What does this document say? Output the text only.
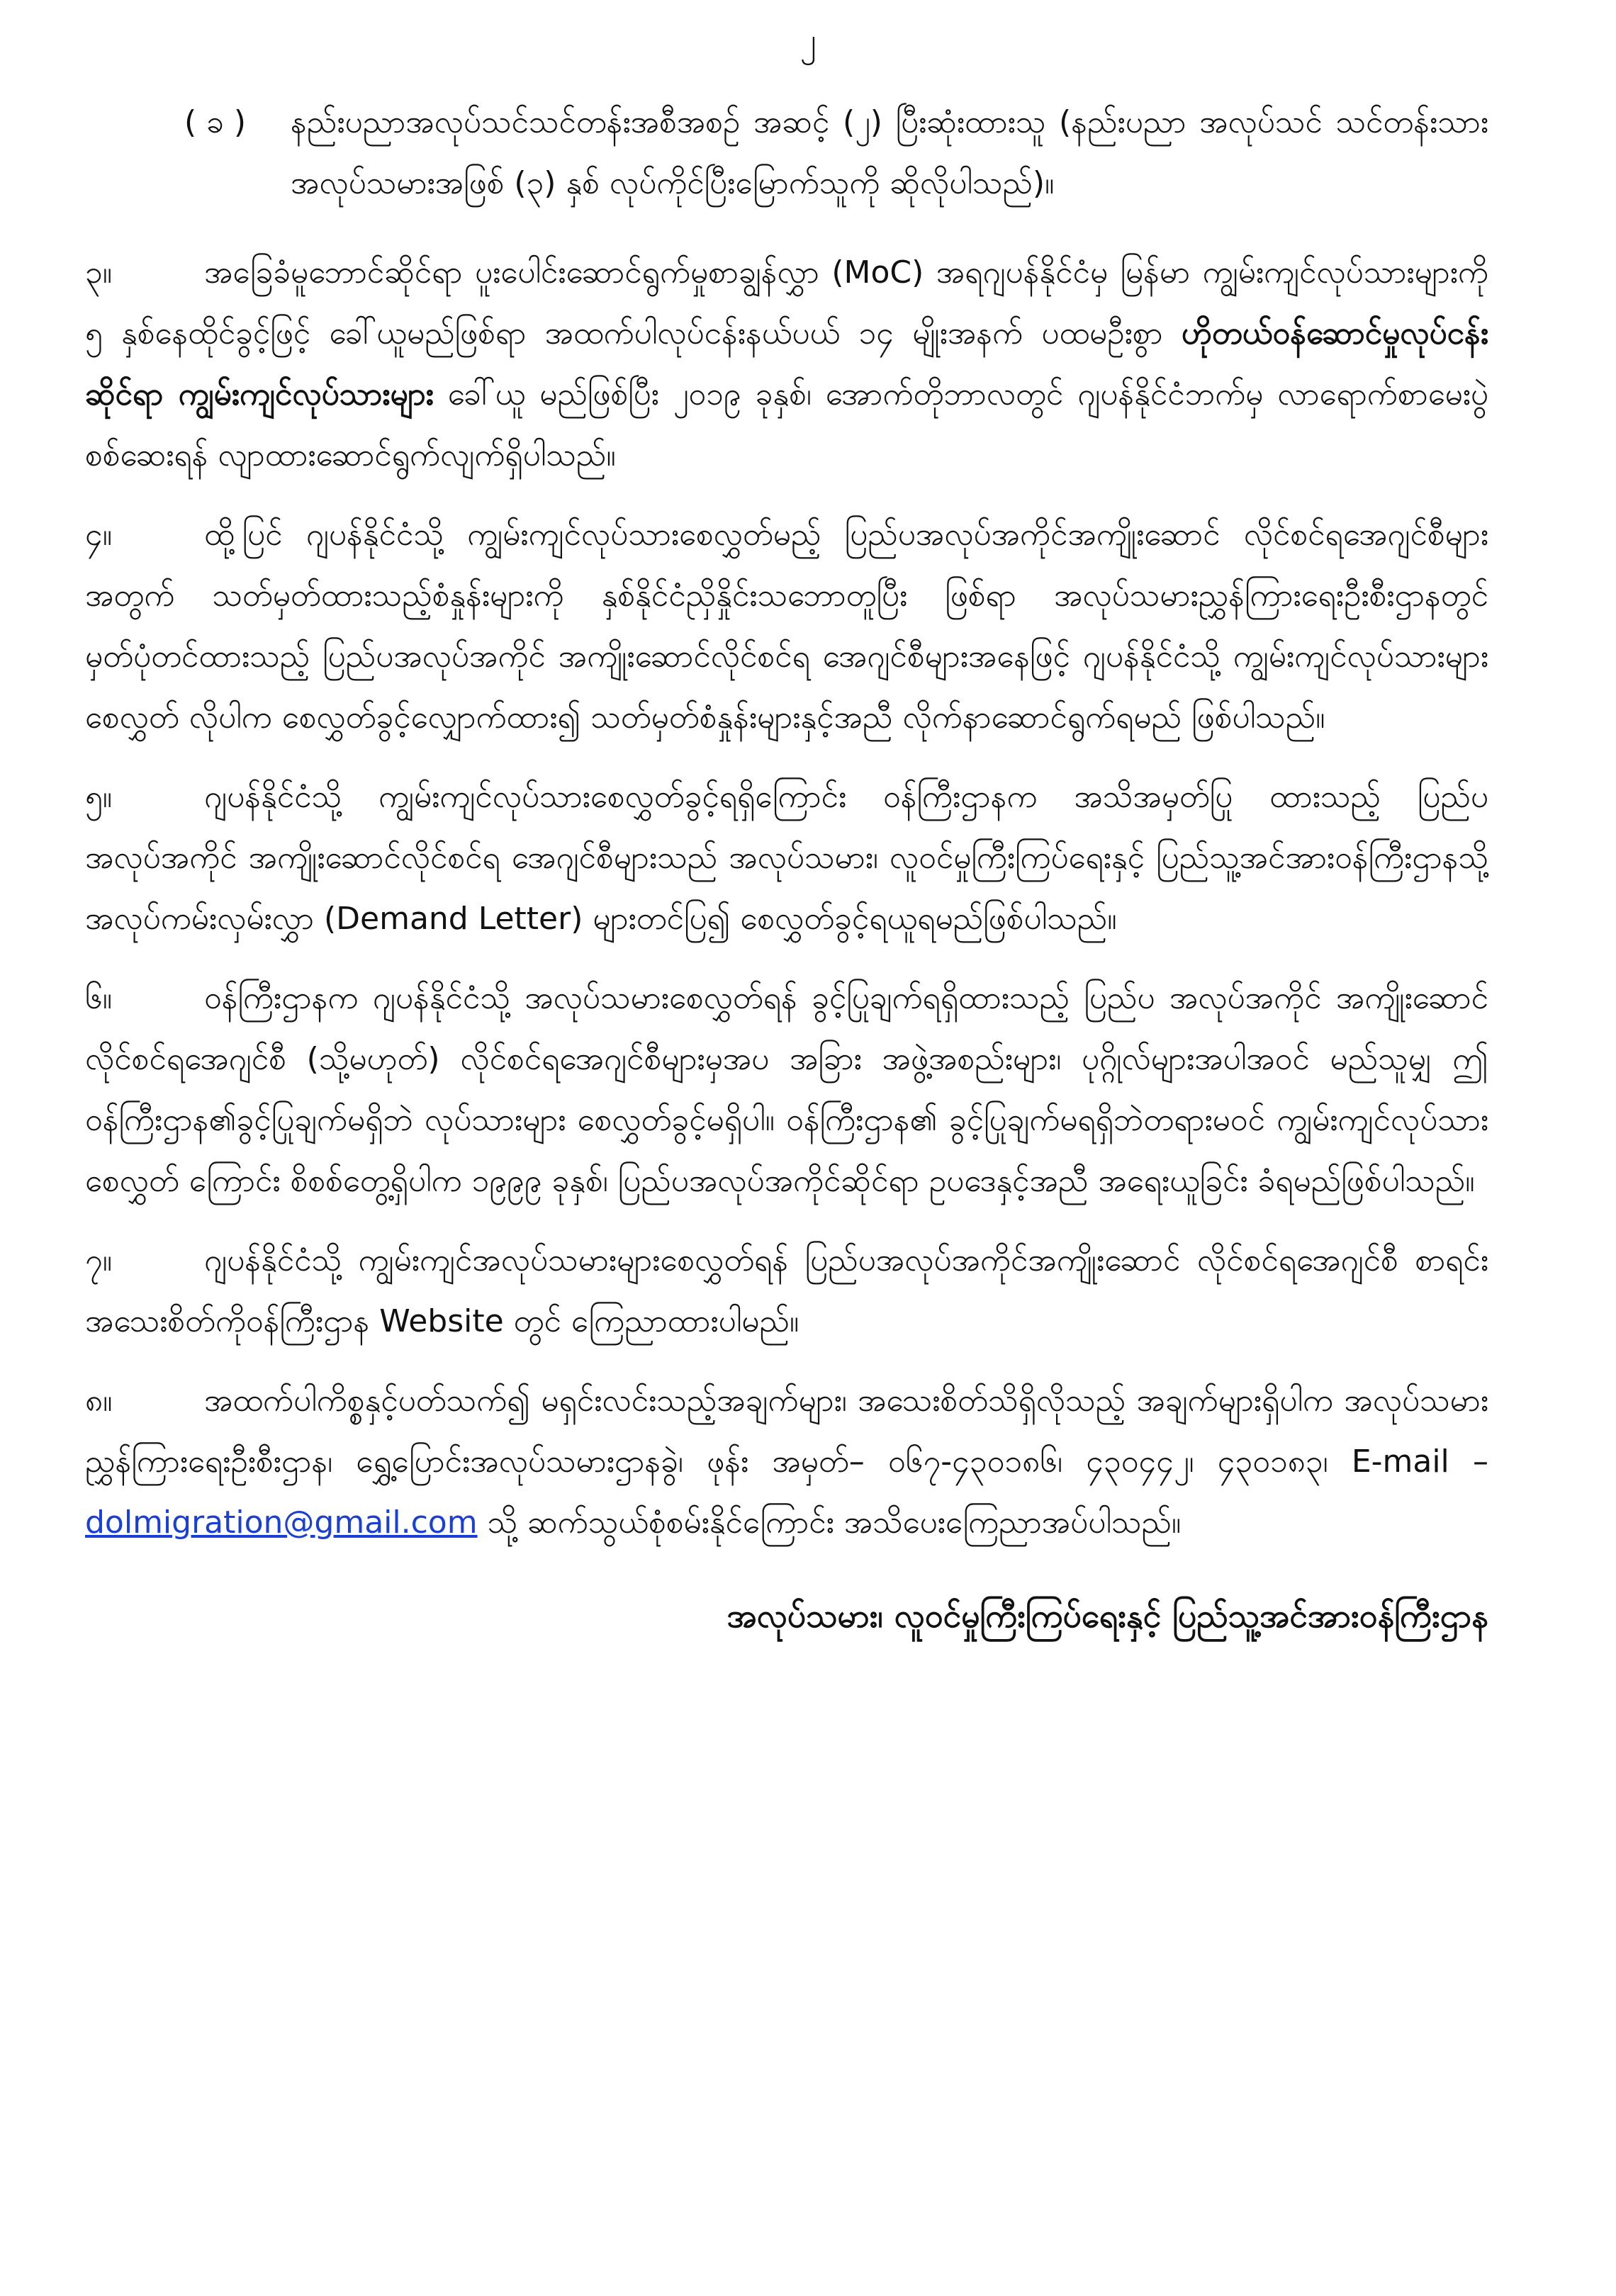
၂
( ခ ) နည်းပညာအလုပ်သင်သင်တန်းအစီအစဉ် အဆင့် (၂) ပြီးဆုံးထားသူ (နည်းပညာ အလုပ်သင် သင်တန်းသားအလုပ်သမားအဖြစ် (၃) နှစ် လုပ်ကိုင်ပြီးမြောက်သူကို ဆိုလိုပါသည်)။

၃။	အခြေခံမူဘောင်ဆိုင်ရာ ပူးပေါင်းဆောင်ရွက်မှုစာချွန်လွှာ (MoC) အရဂျပန်နိုင်ငံမှ မြန်မာ ကျွမ်းကျင်လုပ်သားများကို ၅ နှစ်နေထိုင်ခွင့်ဖြင့် ခေါ်ယူမည်ဖြစ်ရာ အထက်ပါလုပ်ငန်းနယ်ပယ် ၁၄ မျိုးအနက် ပထမဦးစွာ ဟိုတယ်ဝန်ဆောင်မှုလုပ်ငန်းဆိုင်ရာ ကျွမ်းကျင်လုပ်သားများ ခေါ်ယူ မည်ဖြစ်ပြီး ၂၀၁၉ ခုနှစ်၊ အောက်တိုဘာလတွင် ဂျပန်နိုင်ငံဘက်မှ လာရောက်စာမေးပွဲစစ်ဆေးရန် လျာထားဆောင်ရွက်လျက်ရှိပါသည်။

၄။	ထို့ပြင် ဂျပန်နိုင်ငံသို့ ကျွမ်းကျင်လုပ်သားစေလွှတ်မည့် ပြည်ပအလုပ်အကိုင်အကျိုးဆောင် လိုင်စင်ရအေဂျင်စီများအတွက် သတ်မှတ်ထားသည့်စံနှုန်းများကို နှစ်နိုင်ငံညှိနှိုင်းသဘောတူပြီး ဖြစ်ရာ အလုပ်သမားညွှန်ကြားရေးဦးစီးဌာနတွင် မှတ်ပုံတင်ထားသည့် ပြည်ပအလုပ်အကိုင် အကျိုးဆောင်လိုင်စင်ရ အေဂျင်စီများအနေဖြင့် ဂျပန်နိုင်ငံသို့ ကျွမ်းကျင်လုပ်သားများစေလွှတ် လိုပါက စေလွှတ်ခွင့်လျှောက်ထား၍ သတ်မှတ်စံနှုန်းများနှင့်အညီ လိုက်နာဆောင်ရွက်ရမည် ဖြစ်ပါသည်။

၅။	ဂျပန်နိုင်ငံသို့ ကျွမ်းကျင်လုပ်သားစေလွှတ်ခွင့်ရရှိကြောင်း ဝန်ကြီးဌာနက အသိအမှတ်ပြု ထားသည့် ပြည်ပအလုပ်အကိုင် အကျိုးဆောင်လိုင်စင်ရ အေဂျင်စီများသည် အလုပ်သမား၊ လူဝင်မှုကြီးကြပ်ရေးနှင့် ပြည်သူ့အင်အားဝန်ကြီးဌာနသို့ အလုပ်ကမ်းလှမ်းလွှာ (Demand Letter) များတင်ပြ၍ စေလွှတ်ခွင့်ရယူရမည်ဖြစ်ပါသည်။

၆။	ဝန်ကြီးဌာနက ဂျပန်နိုင်ငံသို့ အလုပ်သမားစေလွှတ်ရန် ခွင့်ပြုချက်ရရှိထားသည့် ပြည်ပ အလုပ်အကိုင် အကျိုးဆောင်လိုင်စင်ရအေဂျင်စီ (သို့မဟုတ်) လိုင်စင်ရအေဂျင်စီများမှအပ အခြား အဖွဲ့အစည်းများ၊ ပုဂ္ဂိုလ်များအပါအဝင် မည်သူမျှ ဤဝန်ကြီးဌာန၏ခွင့်ပြုချက်မရှိဘဲ လုပ်သားများ စေလွှတ်ခွင့်မရှိပါ။ ဝန်ကြီးဌာန၏ ခွင့်ပြုချက်မရရှိဘဲတရားမဝင် ကျွမ်းကျင်လုပ်သားစေလွှတ် ကြောင်း စိစစ်တွေ့ရှိပါက ၁၉၉၉ ခုနှစ်၊ ပြည်ပအလုပ်အကိုင်ဆိုင်ရာ ဥပဒေနှင့်အညီ အရေးယူခြင်း ခံရမည်ဖြစ်ပါသည်။

၇။	ဂျပန်နိုင်ငံသို့ ကျွမ်းကျင်အလုပ်သမားများစေလွှတ်ရန် ပြည်ပအလုပ်အကိုင်အကျိုးဆောင် လိုင်စင်ရအေဂျင်စီ စာရင်းအသေးစိတ်ကိုဝန်ကြီးဌာန Website တွင် ကြေညာထားပါမည်။

၈။	အထက်ပါကိစ္စနှင့်ပတ်သက်၍ မရှင်းလင်းသည့်အချက်များ၊ အသေးစိတ်သိရှိလိုသည့် အချက်များရှိပါက အလုပ်သမားညွှန်ကြားရေးဦးစီးဌာန၊ ရွှေ့ပြောင်းအလုပ်သမားဌာနခွဲ၊ ဖုန်း အမှတ်– ၀၆၇-၄၃၀၁၈၆၊ ၄၃၀၄၄၂၊ ၄၃၀၁၈၃၊ E-mail – dolmigration@gmail.com သို့ ဆက်သွယ်စုံစမ်းနိုင်ကြောင်း အသိပေးကြေညာအပ်ပါသည်။

အလုပ်သမား၊ လူဝင်မှုကြီးကြပ်ရေးနှင့် ပြည်သူ့အင်အားဝန်ကြီးဌာန
